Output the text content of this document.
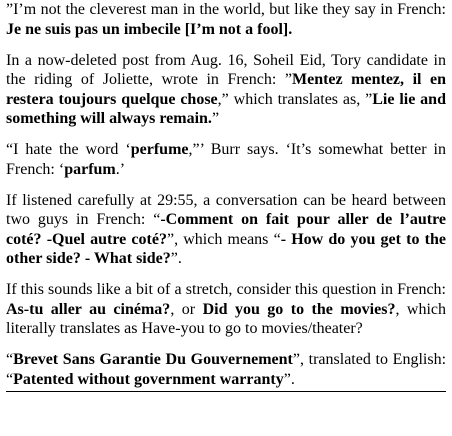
”I’m not the cleverest man in the world, but like they say in French: Je ne suis pas un imbecile [I’m not a fool].

In a now-deleted post from Aug. 16, Soheil Eid, Tory candidate in the riding of Joliette, wrote in French: ”Mentez mentez, il en restera toujours quelque chose,” which translates as, ”Lie lie and something will always remain.”

“I hate the word ‘perfume,”’ Burr says. ‘It’s somewhat better in French: ‘parfum.’

If listened carefully at 29:55, a conversation can be heard between two guys in French: “-Comment on fait pour aller de l’autre coté? -Quel autre coté?”, which means “- How do you get to the other side? - What side?”.

If this sounds like a bit of a stretch, consider this question in French: As-tu aller au cinéma?, or Did you go to the movies?, which literally translates as Have-you to go to movies/theater?

“Brevet Sans Garantie Du Gouvernement”, translated to English: “Patented without government warranty”.
